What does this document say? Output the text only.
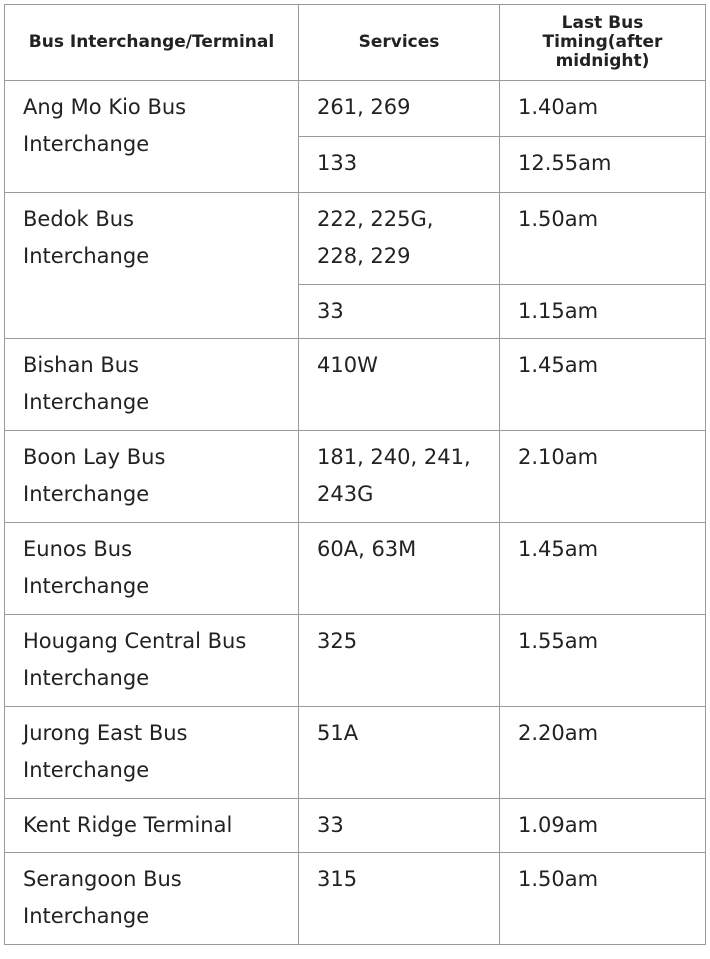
Bus Interchange/Terminal	Services	Last Bus Timing(after midnight)
Ang Mo Kio Bus Interchange	261, 269	1.40am
	133	12.55am
Bedok Bus Interchange	222, 225G, 228, 229	1.50am
	33	1.15am
Bishan Bus Interchange	410W	1.45am
Boon Lay Bus Interchange	181, 240, 241, 243G	2.10am
Eunos Bus Interchange	60A, 63M	1.45am
Hougang Central Bus Interchange	325	1.55am
Jurong East Bus Interchange	51A	2.20am
Kent Ridge Terminal	33	1.09am
Serangoon Bus Interchange	315	1.50am
